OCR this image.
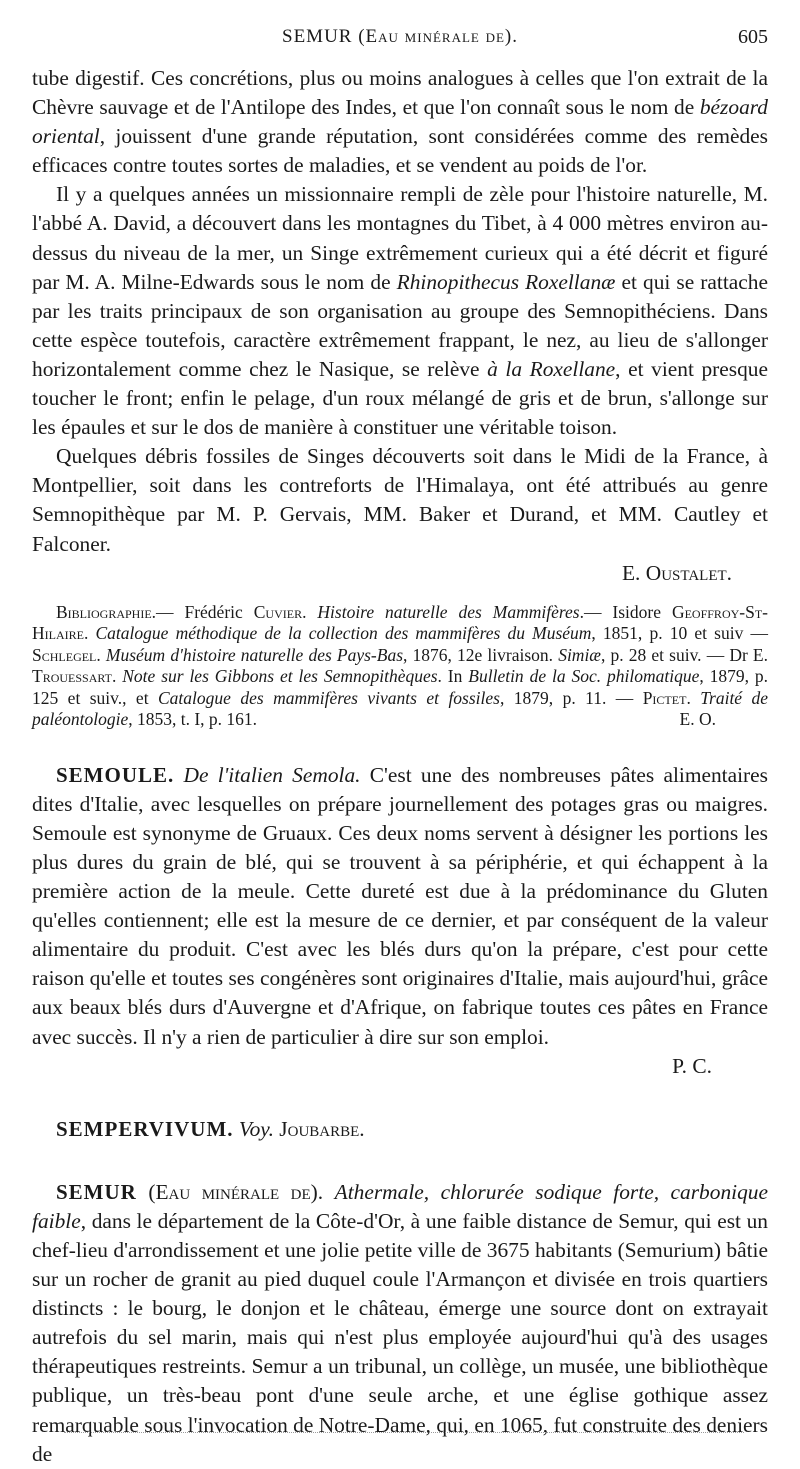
SEMUR (Eau minérale de).	605

tube digestif. Ces concrétions, plus ou moins analogues à celles que l'on extrait de la Chèvre sauvage et de l'Antilope des Indes, et que l'on connaît sous le nom de bézoard oriental, jouissent d'une grande réputation, sont considérées comme des remèdes efficaces contre toutes sortes de maladies, et se vendent au poids de l'or.

Il y a quelques années un missionnaire rempli de zèle pour l'histoire naturelle, M. l'abbé A. David, a découvert dans les montagnes du Tibet, à 4 000 mètres environ au-dessus du niveau de la mer, un Singe extrêmement curieux qui a été décrit et figuré par M. A. Milne-Edwards sous le nom de Rhinopithecus Roxellanæ et qui se rattache par les traits principaux de son organisation au groupe des Semnopithéciens. Dans cette espèce toutefois, caractère extrêmement frappant, le nez, au lieu de s'allonger horizontalement comme chez le Nasique, se relève à la Roxellane, et vient presque toucher le front; enfin le pelage, d'un roux mélangé de gris et de brun, s'allonge sur les épaules et sur le dos de manière à constituer une véritable toison.

Quelques débris fossiles de Singes découverts soit dans le Midi de la France, à Montpellier, soit dans les contreforts de l'Himalaya, ont été attribués au genre Semnopithèque par M. P. Gervais, MM. Baker et Durand, et MM. Cautley et Falconer.
E. Oustalet.

Bibliographie.— Frédéric Cuvier. Histoire naturelle des Mammifères.— Isidore Geoffroy-St-Hilaire. Catalogue méthodique de la collection des mammifères du Muséum, 1851, p. 10 et suiv — Schlegel. Muséum d'histoire naturelle des Pays-Bas, 1876, 12e livraison. Simiæ, p. 28 et suiv. — Dr E. Trouessart. Note sur les Gibbons et les Semnopithèques. In Bulletin de la Soc. philomatique, 1879, p. 125 et suiv., et Catalogue des mammifères vivants et fossiles, 1879, p. 11. — Pictet. Traité de paléontologie, 1853, t. I, p. 161.	E. O.

SEMOULE. De l'italien Semola. C'est une des nombreuses pâtes alimentaires dites d'Italie, avec lesquelles on prépare journellement des potages gras ou maigres. Semoule est synonyme de Gruaux. Ces deux noms servent à désigner les portions les plus dures du grain de blé, qui se trouvent à sa périphérie, et qui échappent à la première action de la meule. Cette dureté est due à la prédominance du Gluten qu'elles contiennent; elle est la mesure de ce dernier, et par conséquent de la valeur alimentaire du produit. C'est avec les blés durs qu'on la prépare, c'est pour cette raison qu'elle et toutes ses congénères sont originaires d'Italie, mais aujourd'hui, grâce aux beaux blés durs d'Auvergne et d'Afrique, on fabrique toutes ces pâtes en France avec succès. Il n'y a rien de particulier à dire sur son emploi.
P. C.

SEMPERVIVUM. Voy. Joubarbe.

SEMUR (Eau minérale de). Athermale, chlorurée sodique forte, carbonique faible, dans le département de la Côte-d'Or, à une faible distance de Semur, qui est un chef-lieu d'arrondissement et une jolie petite ville de 3675 habitants (Semurium) bâtie sur un rocher de granit au pied duquel coule l'Armançon et divisée en trois quartiers distincts : le bourg, le donjon et le château, émerge une source dont on extrayait autrefois du sel marin, mais qui n'est plus employée aujourd'hui qu'à des usages thérapeutiques restreints. Semur a un tribunal, un collège, un musée, une bibliothèque publique, un très-beau pont d'une seule arche, et une église gothique assez remarquable sous l'invocation de Notre-Dame, qui, en 1065, fut construite des deniers de
